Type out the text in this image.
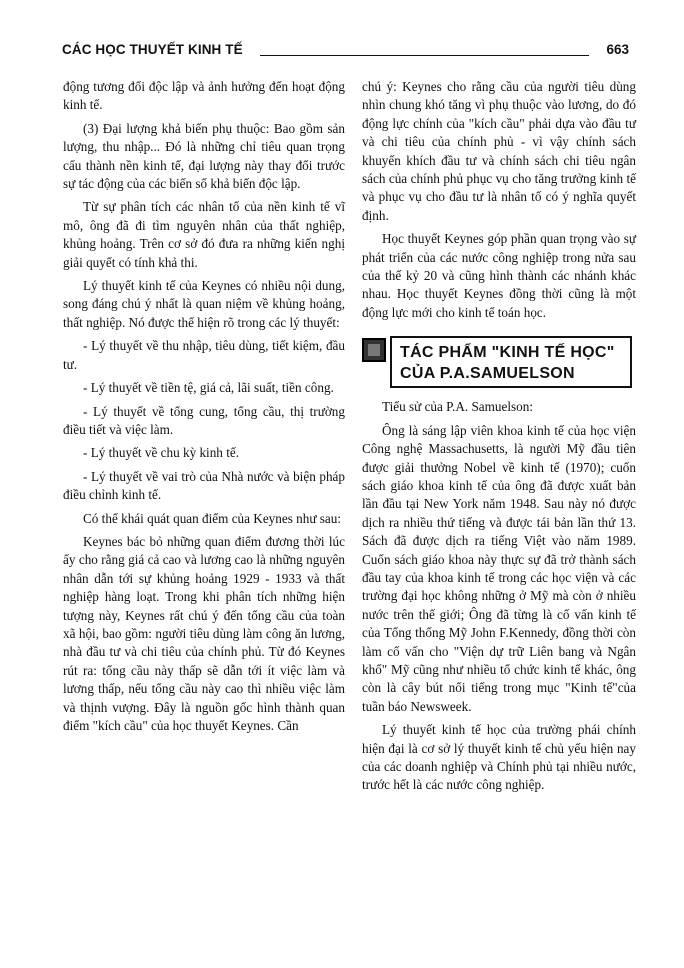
CÁC HỌC THUYẾT KINH TẾ	663

động tương đối độc lập và ảnh hưởng đến hoạt động kinh tế.

(3) Đại lượng khả biến phụ thuộc: Bao gồm sản lượng, thu nhập... Đó là những chỉ tiêu quan trọng cấu thành nền kinh tế, đại lượng này thay đổi trước sự tác động của các biến số khả biến độc lập.

Từ sự phân tích các nhân tố của nền kinh tế vĩ mô, ông đã đi tìm nguyên nhân của thất nghiệp, khủng hoảng. Trên cơ sở đó đưa ra những kiến nghị giải quyết có tính khả thi.

Lý thuyết kinh tế của Keynes có nhiều nội dung, song đáng chú ý nhất là quan niệm về khủng hoảng, thất nghiệp. Nó được thể hiện rõ trong các lý thuyết:

- Lý thuyết về thu nhập, tiêu dùng, tiết kiệm, đầu tư.

- Lý thuyết về tiền tệ, giá cả, lãi suất, tiền công.

- Lý thuyết về tổng cung, tổng cầu, thị trường điều tiết và việc làm.

- Lý thuyết về chu kỳ kinh tế.

- Lý thuyết về vai trò của Nhà nước và biện pháp điều chỉnh kinh tế.

Có thể khái quát quan điểm của Keynes như sau:

Keynes bác bỏ những quan điểm đương thời lúc ấy cho rằng giá cả cao và lương cao là những nguyên nhân dẫn tới sự khủng hoảng 1929 - 1933 và thất nghiệp hàng loạt. Trong khi phân tích những hiện tượng này, Keynes rất chú ý đến tổng cầu của toàn xã hội, bao gồm: người tiêu dùng làm công ăn lương, nhà đầu tư và chi tiêu của chính phủ. Từ đó Keynes rút ra: tổng cầu này thấp sẽ dẫn tới ít việc làm và lương thấp, nếu tổng cầu này cao thì nhiều việc làm và thịnh vượng. Đây là nguồn gốc hình thành quan điểm "kích cầu" của học thuyết Keynes. Cần

chú ý: Keynes cho rằng cầu của người tiêu dùng nhìn chung khó tăng vì phụ thuộc vào lương, do đó động lực chính của "kích cầu" phải dựa vào đầu tư và chi tiêu của chính phủ - vì vậy chính sách khuyến khích đầu tư và chính sách chi tiêu ngân sách của chính phủ phục vụ cho tăng trưởng kinh tế và phục vụ cho đầu tư là nhân tố có ý nghĩa quyết định.

Học thuyết Keynes góp phần quan trọng vào sự phát triển của các nước công nghiệp trong nửa sau của thế kỷ 20 và cũng hình thành các nhánh khác nhau. Học thuyết Keynes đồng thời cũng là một động lực mới cho kinh tế toán học.

TÁC PHẨM "KINH TẾ HỌC"
CỦA P.A.SAMUELSON

Tiểu sử của P.A. Samuelson:

Ông là sáng lập viên khoa kinh tế của học viện Công nghệ Massachusetts, là người Mỹ đầu tiên được giải thưởng Nobel về kinh tế (1970); cuốn sách giáo khoa kinh tế của ông đã được xuất bản lần đầu tại New York năm 1948. Sau này nó được dịch ra nhiều thứ tiếng và được tái bản lần thứ 13. Sách đã được dịch ra tiếng Việt vào năm 1989. Cuốn sách giáo khoa này thực sự đã trở thành sách đầu tay của khoa kinh tế trong các học viện và các trường đại học không những ở Mỹ mà còn ở nhiều nước trên thế giới; Ông đã từng là cố vấn kinh tế của Tổng thống Mỹ John F.Kennedy, đồng thời còn làm cố vấn cho "Viện dự trữ Liên bang và Ngân khố" Mỹ cũng như nhiều tổ chức kinh tế khác, ông còn là cây bút nổi tiếng trong mục "Kinh tế"của tuần báo Newsweek.

Lý thuyết kinh tế học của trường phái chính hiện đại là cơ sở lý thuyết kinh tế chủ yếu hiện nay của các doanh nghiệp và Chính phủ tại nhiều nước, trước hết là các nước công nghiệp.
